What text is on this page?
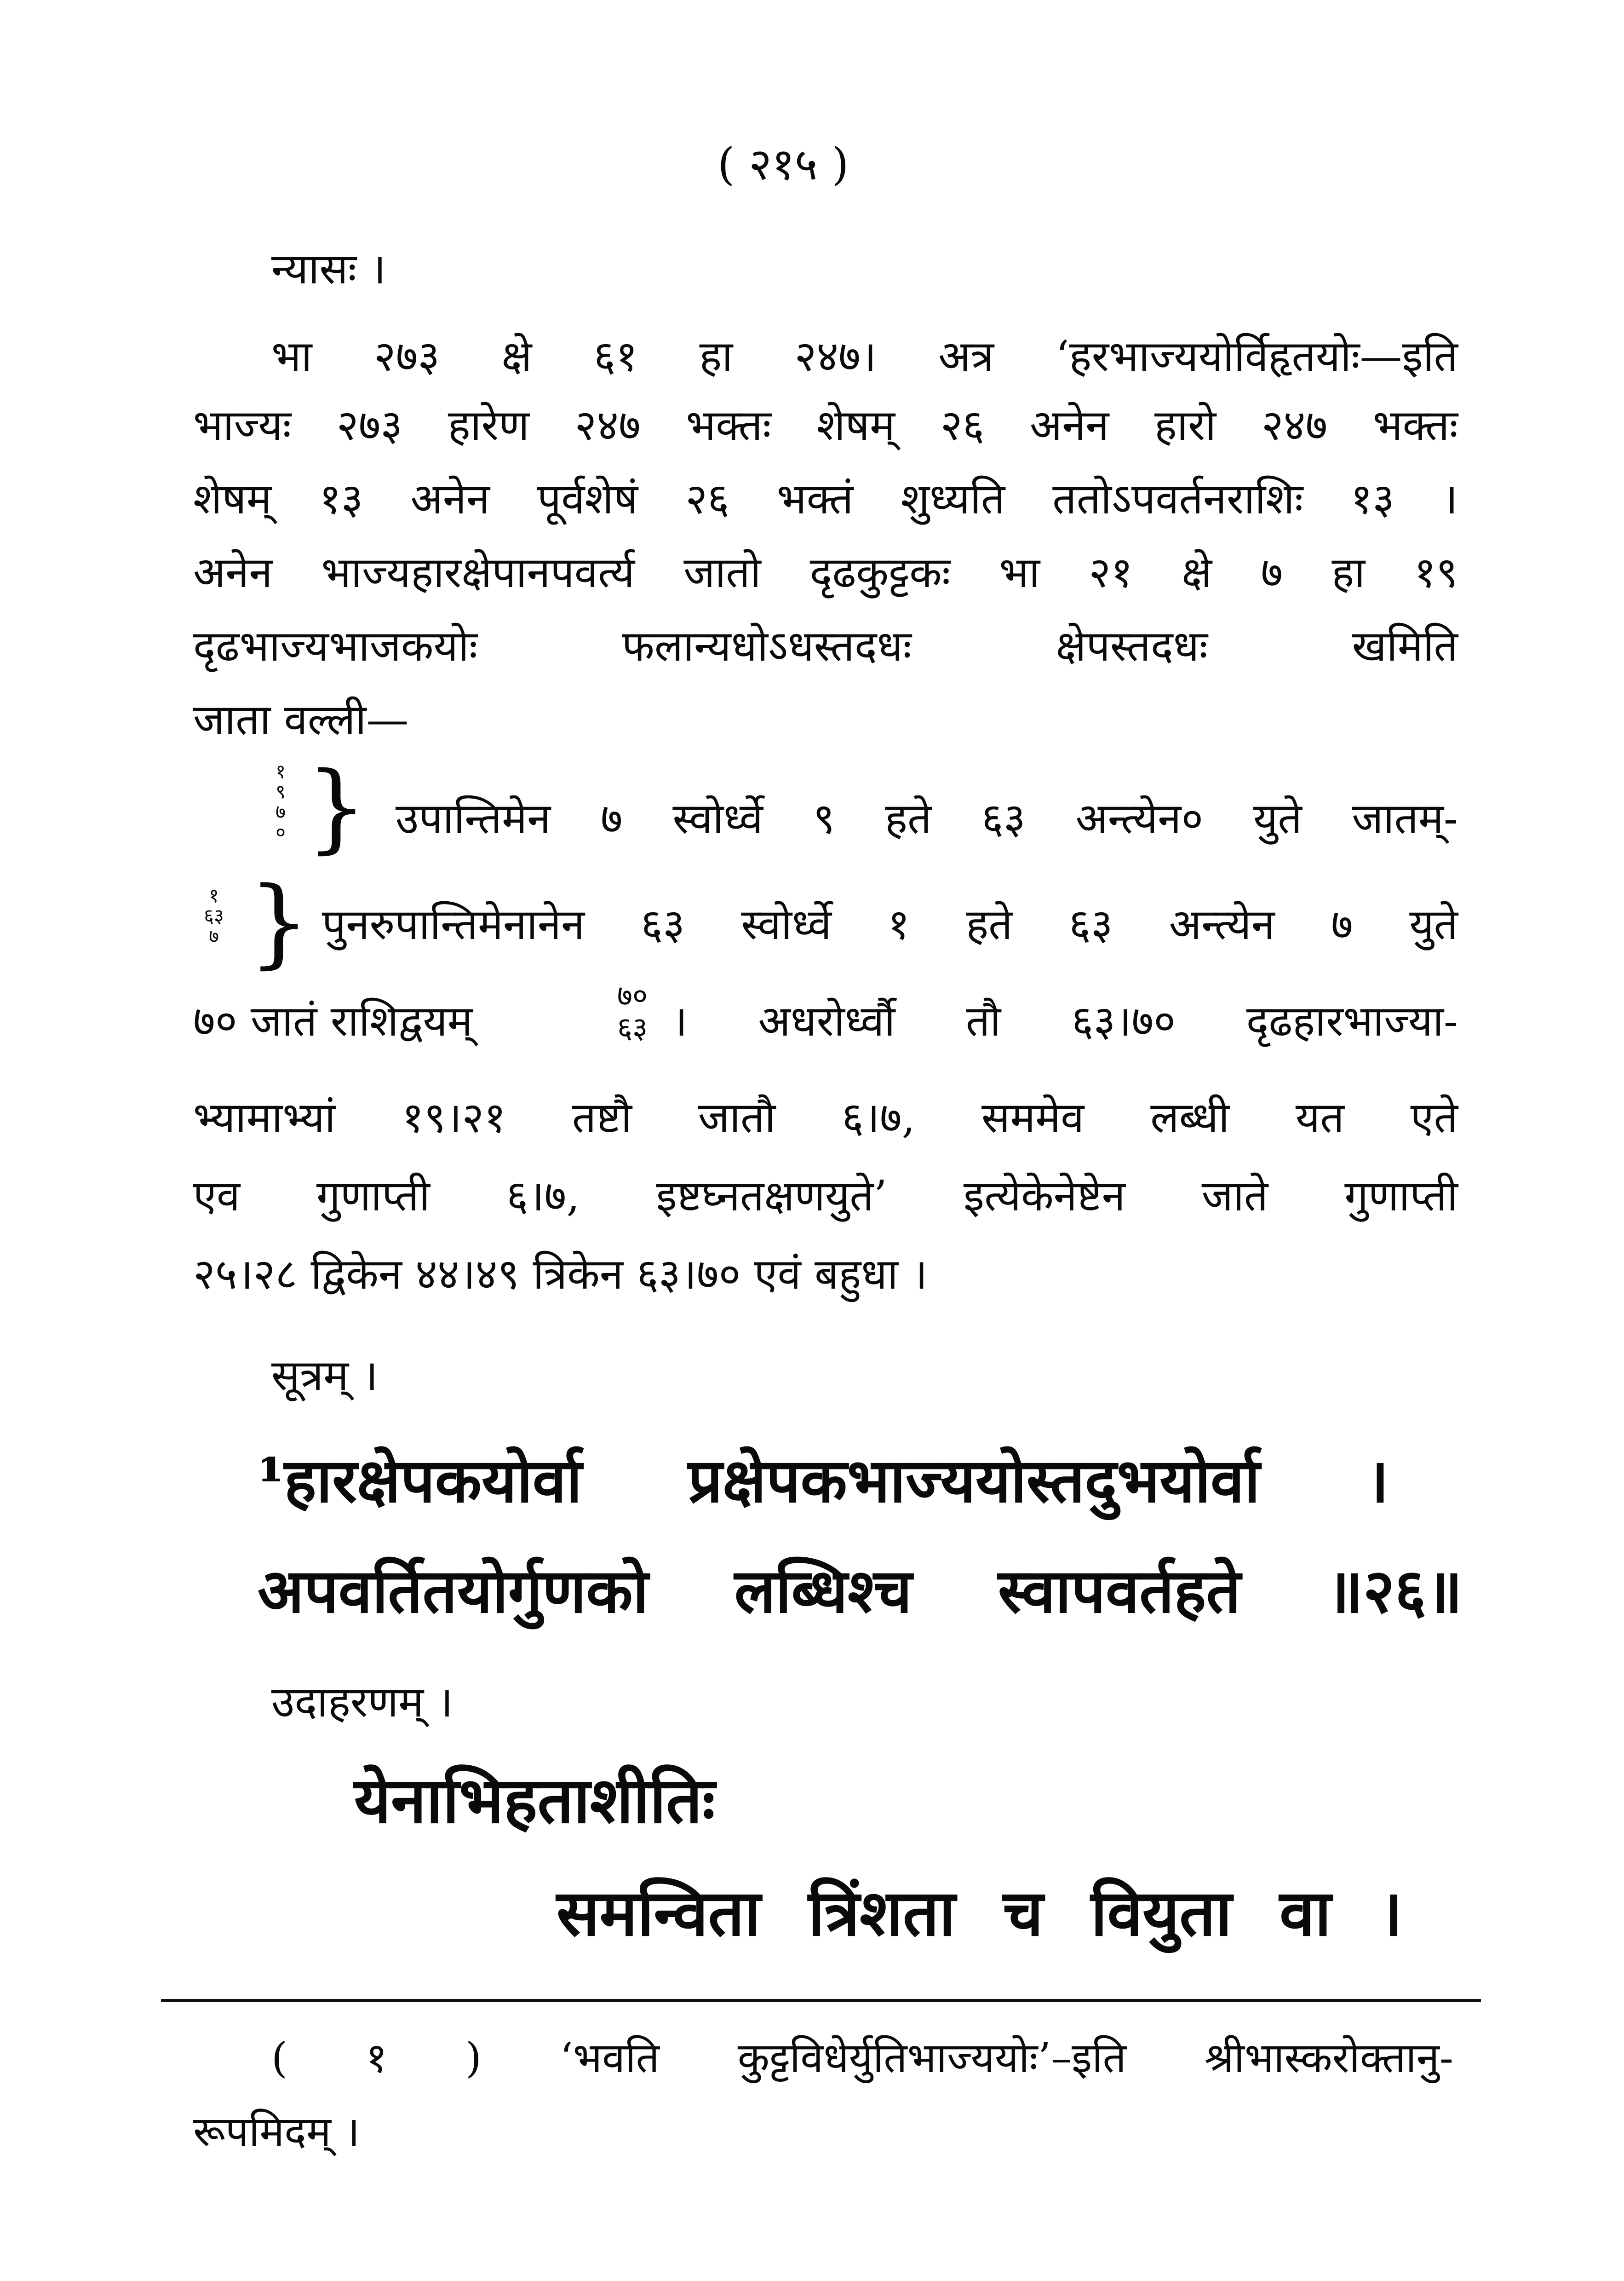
( २१५ )
न्यासः ।
भा २७३ क्षे ६१ हा २४७। अत्र ‘हरभाज्ययोर्विहृतयोः—इति
भाज्यः २७३ हारेण २४७ भक्तः शेषम् २६ अनेन हारो २४७ भक्तः
शेषम् १३ अनेन पूर्वशेषं २६ भक्तं शुध्यति ततोऽपवर्तनराशिः १३ ।
अनेन भाज्यहारक्षेपानपवर्त्य जातो दृढकुट्टकः भा २१ क्षे ७ हा १९
दृढभाज्यभाजकयोः फलान्यधोऽधस्तदधः क्षेपस्तदधः खमिति
जाता वल्ली—
१
९
७
० } उपान्तिमेन ७ स्वोर्ध्वे ९ हते ६३ अन्त्येन० युते जातम्-
१
६३
७ } पुनरुपान्तिमेनानेन ६३ स्वोर्ध्वे १ हते ६३ अन्त्येन ७ युते
७० जातं राशिद्वयम्
७०
६३ । अधरोर्ध्वौ तौ ६३।७० दृढहारभाज्या-
भ्यामाभ्यां १९।२१ तष्टौ जातौ ६।७, सममेव लब्धी यत एते
एव गुणाप्ती ६।७, इष्टघ्नतक्षणयुते’ इत्येकेनेष्टेन जाते गुणाप्ती
२५।२८ द्विकेन ४४।४९ त्रिकेन ६३।७० एवं बहुधा ।
सूत्रम् ।
¹हारक्षेपकयोर्वा प्रक्षेपकभाज्ययोस्तदुभयोर्वा ।
अपवर्तितयोर्गुणको लब्धिश्च स्वापवर्तहते ॥२६॥
उदाहरणम् ।
येनाभिहताशीतिः
समन्विता त्रिंशता च वियुता वा ।
( १ ) ‘भवति कुट्टविधेर्युतिभाज्ययोः’–इति श्रीभास्करोक्तानु-
रूपमिदम् ।
